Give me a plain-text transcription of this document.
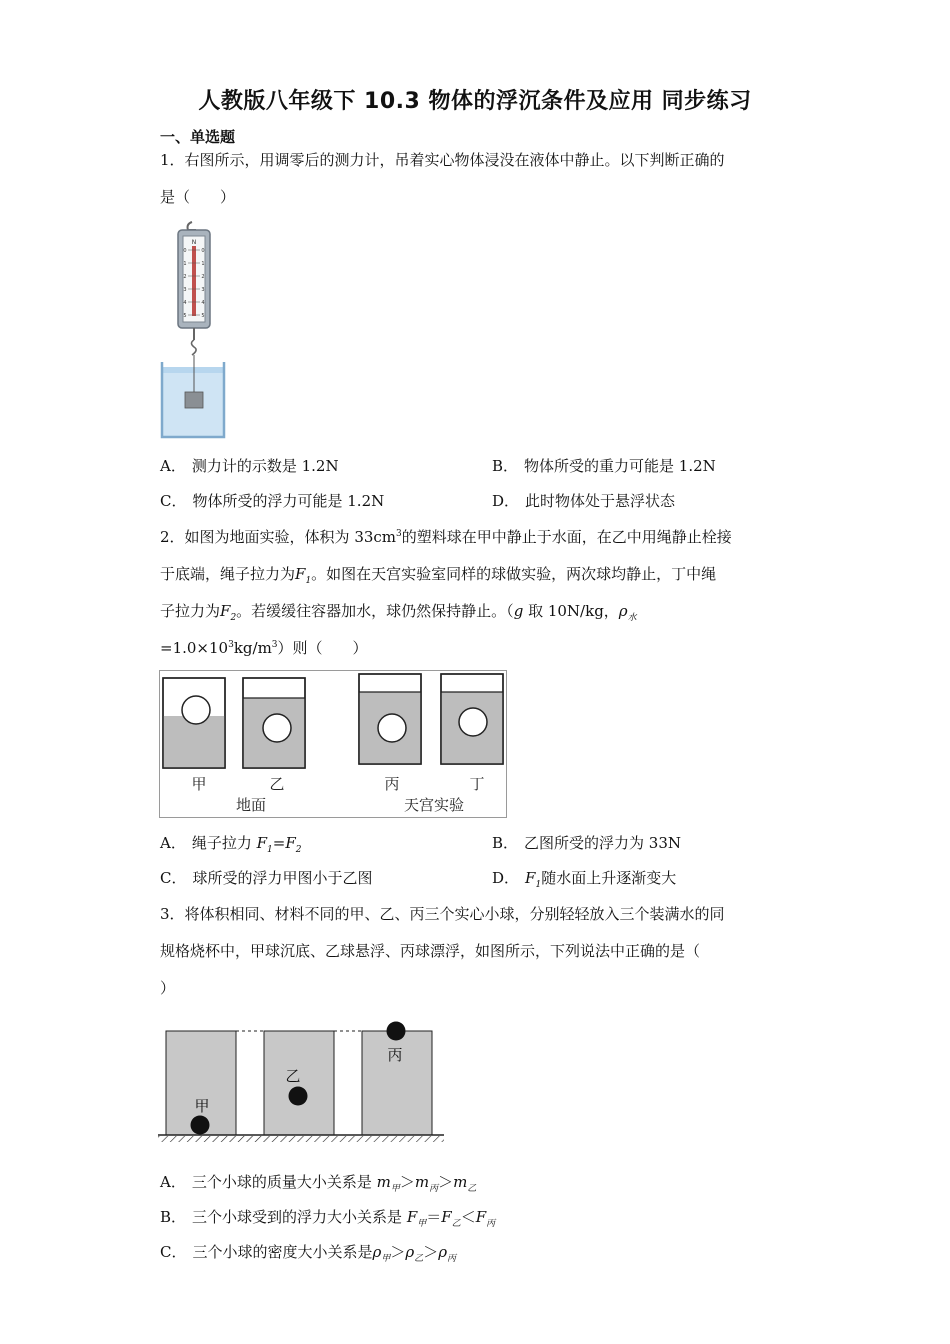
人教版八年级下 10.3 物体的浮沉条件及应用 同步练习
一、单选题
1．右图所示，用调零后的测力计，吊着实心物体浸没在液体中静止。以下判断正确的
是（　　）
N
0	0
1	1
2	2
3	3
4	4
5	5
A． 测力计的示数是 1.2N	B． 物体所受的重力可能是 1.2N
C． 物体所受的浮力可能是 1.2N	D． 此时物体处于悬浮状态
2．如图为地面实验，体积为 $33cm^3$的塑料球在甲中静止于水面，在乙中用绳静止栓接
于底端，绳子拉力为$F_1$。如图在天宫实验室同样的球做实验，两次球均静止，丁中绳
子拉力为$F_2$。若缓缓往容器加水，球仍然保持静止。（g 取 10N/kg，$\rho_水$
$=1.0\times 10^3kg/m^3$）则（　　）
甲	乙	丙	丁
地面	天宫实验
A． 绳子拉力 $F_1=F_2$	B． 乙图所受的浮力为 33N
C． 球所受的浮力甲图小于乙图	D． $F_1$随水面上升逐渐变大
3．将体积相同、材料不同的甲、乙、丙三个实心小球，分别轻轻放入三个装满水的同
规格烧杯中，甲球沉底、乙球悬浮、丙球漂浮，如图所示，下列说法中正确的是（
）
甲
乙
丙
A． 三个小球的质量大小关系是 $m_甲>m_丙>m_乙$
B． 三个小球受到的浮力大小关系是 $F_甲=F_乙<F_丙$
C． 三个小球的密度大小关系是$\rho_甲>\rho_乙>\rho_丙$
